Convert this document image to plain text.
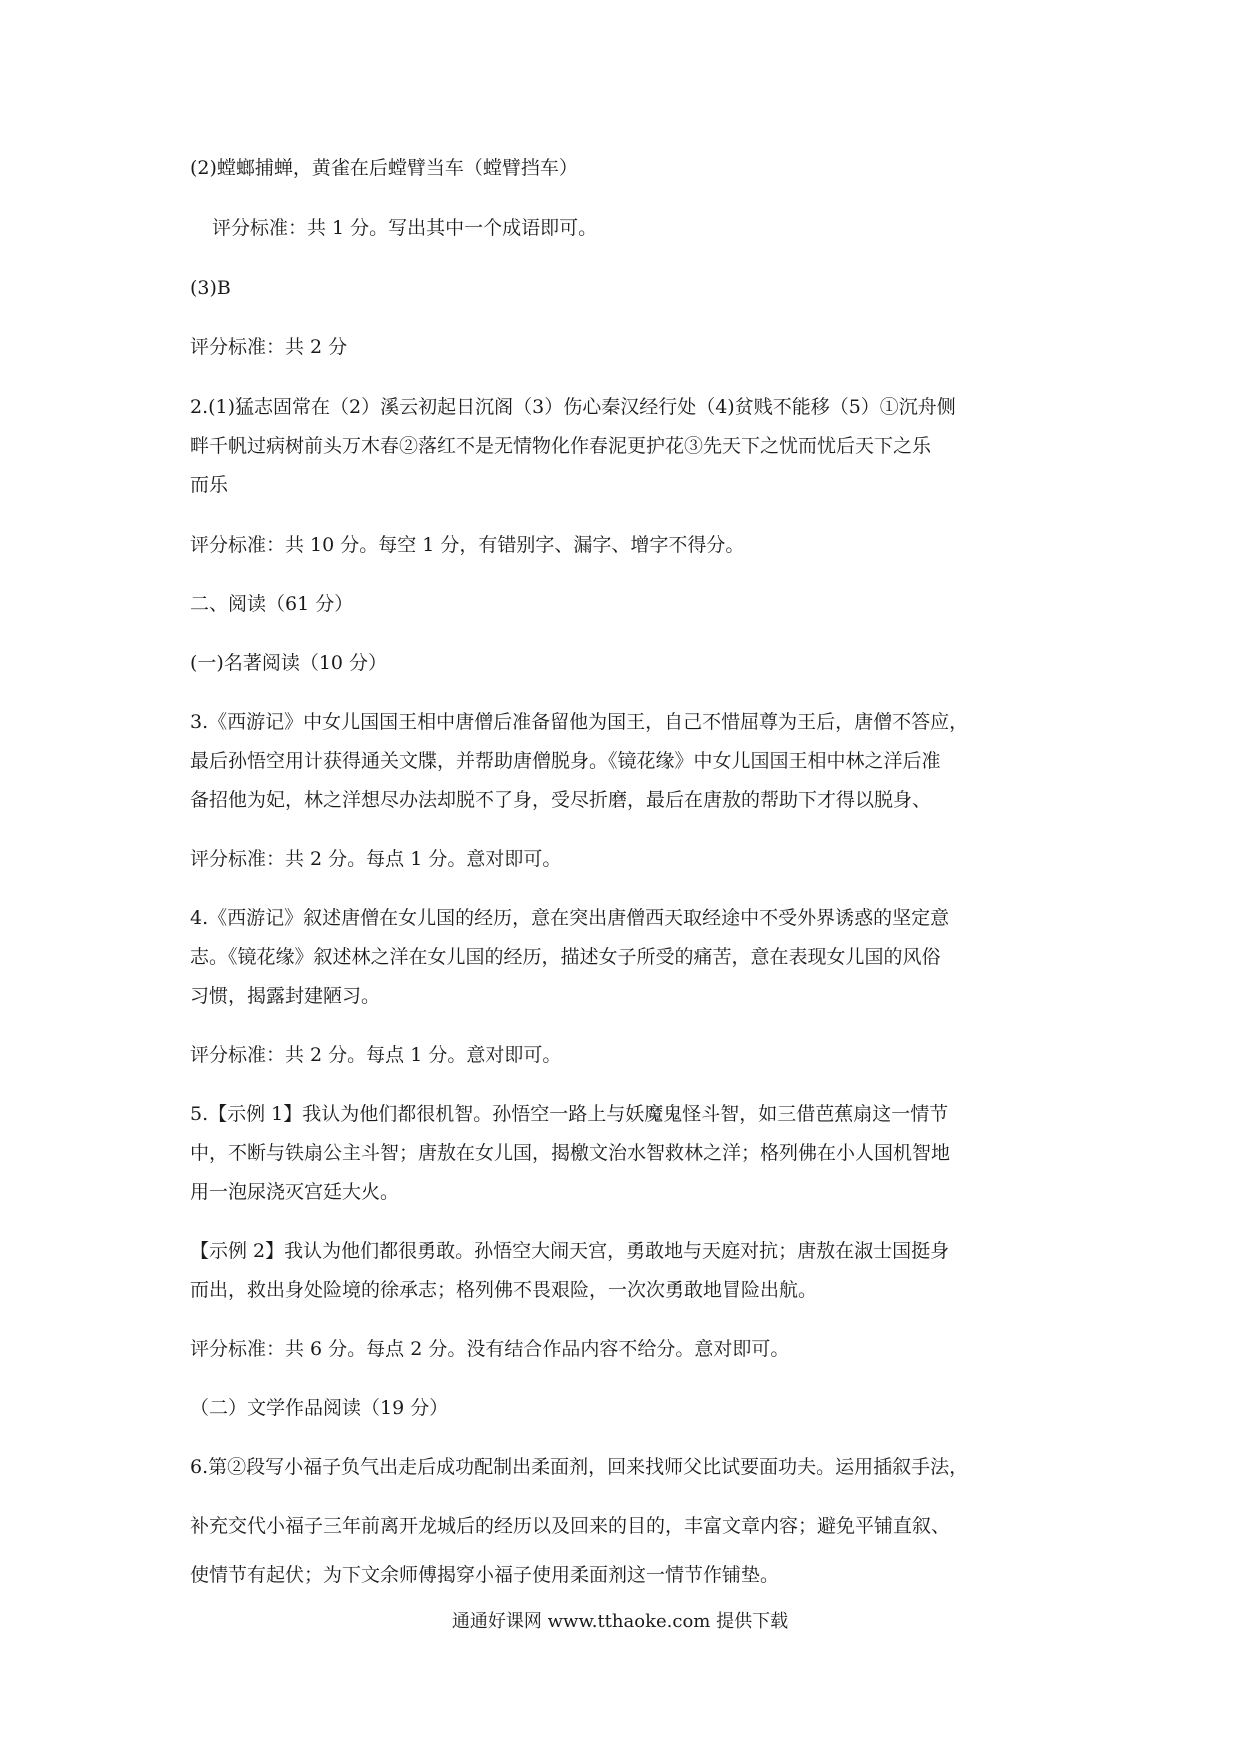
(2)螳螂捕蝉，黄雀在后螳臂当车（螳臂挡车）
评分标准：共 1 分。写出其中一个成语即可。
(3)B
评分标准：共 2 分
2.(1)猛志固常在（2）溪云初起日沉阁（3）伤心秦汉经行处（4)贫贱不能移（5）①沉舟侧
畔千帆过病树前头万木春②落红不是无情物化作春泥更护花③先天下之忧而忧后天下之乐
而乐
评分标准：共 10 分。每空 1 分，有错别字、漏字、增字不得分。
二、阅读（61 分）
(一)名著阅读（10 分）
3.《西游记》中女儿国国王相中唐僧后准备留他为国王，自己不惜屈尊为王后，唐僧不答应，
最后孙悟空用计获得通关文牒，并帮助唐僧脱身。《镜花缘》中女儿国国王相中林之洋后准
备招他为妃，林之洋想尽办法却脱不了身，受尽折磨，最后在唐敖的帮助下才得以脱身、
评分标准：共 2 分。每点 1 分。意对即可。
4.《西游记》叙述唐僧在女儿国的经历，意在突出唐僧西天取经途中不受外界诱惑的坚定意
志。《镜花缘》叙述林之洋在女儿国的经历，描述女子所受的痛苦，意在表现女儿国的风俗
习惯，揭露封建陋习。
评分标准：共 2 分。每点 1 分。意对即可。
5.【示例 1】我认为他们都很机智。孙悟空一路上与妖魔鬼怪斗智，如三借芭蕉扇这一情节
中，不断与铁扇公主斗智；唐敖在女儿国，揭檄文治水智救林之洋；格列佛在小人国机智地
用一泡尿浇灭宫廷大火。
【示例 2】我认为他们都很勇敢。孙悟空大闹天宫，勇敢地与天庭对抗；唐敖在淑士国挺身
而出，救出身处险境的徐承志；格列佛不畏艰险，一次次勇敢地冒险出航。
评分标准：共 6 分。每点 2 分。没有结合作品内容不给分。意对即可。
（二）文学作品阅读（19 分）
6.第②段写小福子负气出走后成功配制出柔面剂，回来找师父比试要面功夫。运用插叙手法，
补充交代小福子三年前离开龙城后的经历以及回来的目的，丰富文章内容；避免平铺直叙、
使情节有起伏；为下文余师傅揭穿小福子使用柔面剂这一情节作铺垫。
通通好课网 www.tthaoke.com 提供下载
